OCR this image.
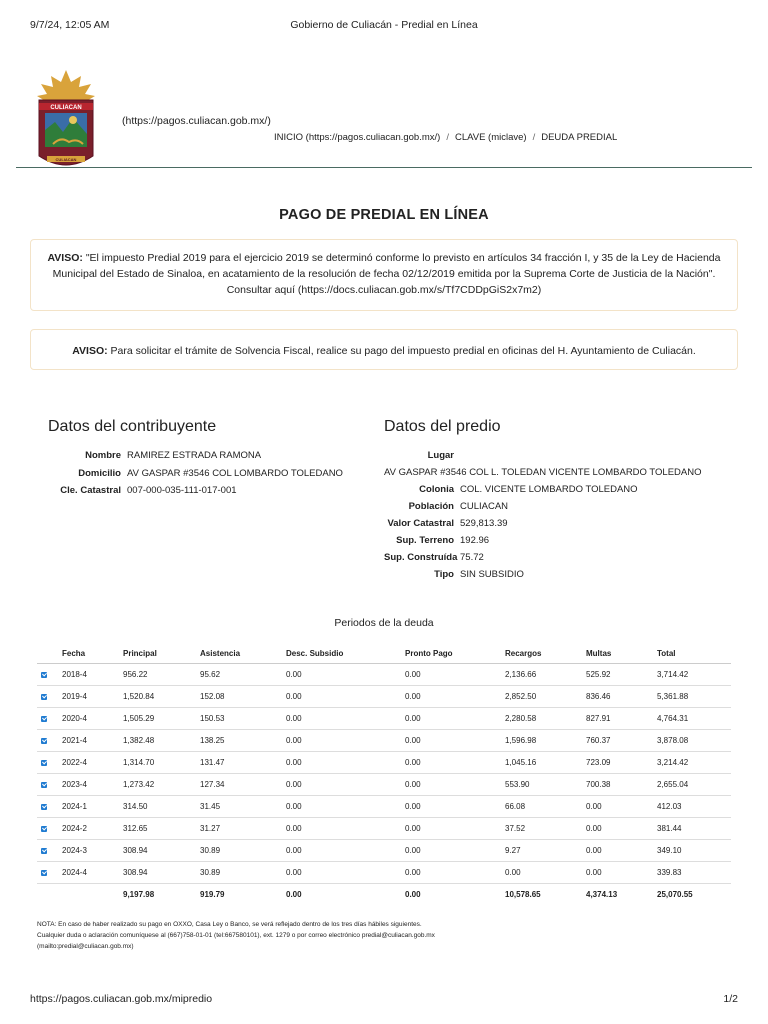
9/7/24, 12:05 AM	Gobierno de Culiacán - Predial en Línea
CULIACAN
CULIACAN
(https://pagos.culiacan.gob.mx/)
INICIO (https://pagos.culiacan.gob.mx/) / CLAVE (miclave) / DEUDA PREDIAL
PAGO DE PREDIAL EN LÍNEA
AVISO: "El impuesto Predial 2019 para el ejercicio 2019 se determinó conforme lo previsto en artículos 34 fracción I, y 35 de la Ley de Hacienda
Municipal del Estado de Sinaloa, en acatamiento de la resolución de fecha 02/12/2019 emitida por la Suprema Corte de Justicia de la Nación".
Consultar aquí (https://docs.culiacan.gob.mx/s/Tf7CDDpGiS2x7m2)
AVISO: Para solicitar el trámite de Solvencia Fiscal, realice su pago del impuesto predial en oficinas del H. Ayuntamiento de Culiacán.
Datos del contribuyente
Nombre RAMIREZ ESTRADA RAMONA
Domicilio AV GASPAR #3546 COL LOMBARDO TOLEDANO
Cle. Catastral 007-000-035-111-017-001
Datos del predio
Lugar
AV GASPAR #3546 COL L. TOLEDAN VICENTE LOMBARDO TOLEDANO
Colonia COL. VICENTE LOMBARDO TOLEDANO
Población CULIACAN
Valor Catastral 529,813.39
Sup. Terreno 192.96
Sup. Construída 75.72
Tipo SIN SUBSIDIO
Periodos de la deuda
	Fecha	Principal	Asistencia	Desc. Subsidio	Pronto Pago	Recargos	Multas	Total
	2018-4	956.22	95.62	0.00	0.00	2,136.66	525.92	3,714.42
	2019-4	1,520.84	152.08	0.00	0.00	2,852.50	836.46	5,361.88
	2020-4	1,505.29	150.53	0.00	0.00	2,280.58	827.91	4,764.31
	2021-4	1,382.48	138.25	0.00	0.00	1,596.98	760.37	3,878.08
	2022-4	1,314.70	131.47	0.00	0.00	1,045.16	723.09	3,214.42
	2023-4	1,273.42	127.34	0.00	0.00	553.90	700.38	2,655.04
	2024-1	314.50	31.45	0.00	0.00	66.08	0.00	412.03
	2024-2	312.65	31.27	0.00	0.00	37.52	0.00	381.44
	2024-3	308.94	30.89	0.00	0.00	9.27	0.00	349.10
	2024-4	308.94	30.89	0.00	0.00	0.00	0.00	339.83
		9,197.98	919.79	0.00	0.00	10,578.65	4,374.13	25,070.55
NOTA: En caso de haber realizado su pago en OXXO, Casa Ley o Banco, se verá reflejado dentro de los tres días hábiles siguientes.
Cualquier duda o aclaración comuníquese al (667)758-01-01 (tel:667580101), ext. 1279 o por correo electrónico predial@culiacan.gob.mx
(mailto:predial@culiacan.gob.mx)
https://pagos.culiacan.gob.mx/mipredio	1/2
